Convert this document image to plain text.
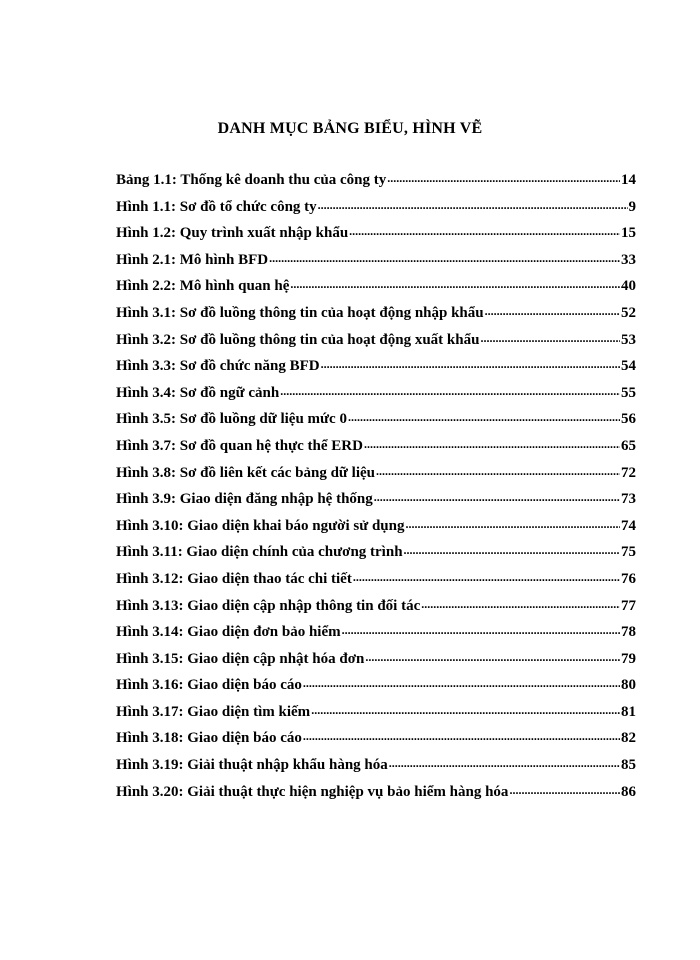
DANH MỤC BẢNG BIỂU, HÌNH VẼ
Bảng 1.1: Thống kê doanh thu của công ty .....	14
Hình 1.1: Sơ đồ tổ chức công ty .....	9
Hình 1.2: Quy trình xuất nhập khẩu .....	15
Hình 2.1: Mô hình BFD .....	33
Hình 2.2: Mô hình quan hệ .....	40
Hình 3.1: Sơ đồ luồng thông tin của hoạt động nhập khẩu .....	52
Hình 3.2: Sơ đồ luồng thông tin của hoạt động xuất khẩu .....	53
Hình 3.3: Sơ đồ chức năng BFD .....	54
Hình 3.4: Sơ đồ ngữ cảnh .....	55
Hình 3.5: Sơ đồ luồng dữ liệu mức 0 .....	56
Hình 3.7: Sơ đồ quan hệ thực thể ERD .....	65
Hình 3.8: Sơ đồ liên kết các bảng dữ liệu .....	72
Hình 3.9: Giao diện đăng nhập hệ thống .....	73
Hình 3.10: Giao diện khai báo người sử dụng .....	74
Hình 3.11: Giao diện chính của chương trình .....	75
Hình 3.12: Giao diện thao tác chi tiết .....	76
Hình 3.13: Giao diện cập nhập thông tin đối tác .....	77
Hình 3.14: Giao diện đơn bảo hiểm .....	78
Hình 3.15: Giao diện cập nhật hóa đơn .....	79
Hình 3.16: Giao diện báo cáo .....	80
Hình 3.17: Giao diện tìm kiếm .....	81
Hình 3.18: Giao diện báo cáo .....	82
Hình 3.19: Giải thuật nhập khẩu hàng hóa .....	85
Hình 3.20: Giải thuật thực hiện nghiệp vụ bảo hiểm hàng hóa .....	86
